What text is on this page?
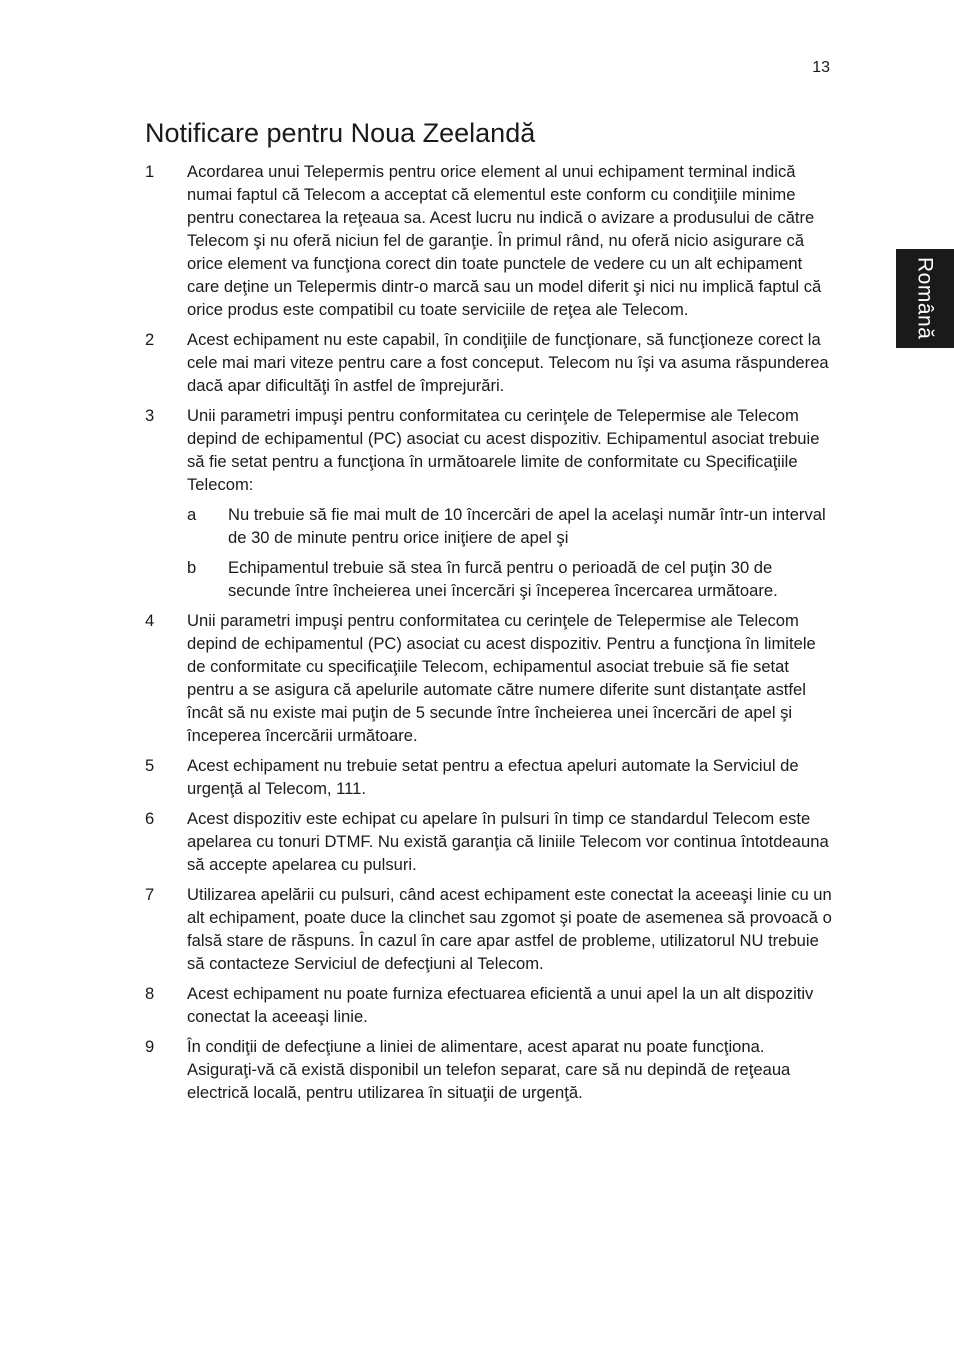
13
Română
Notificare pentru Noua Zeelandă
1	Acordarea unui Telepermis pentru orice element al unui echipament terminal indică numai faptul că Telecom a acceptat că elementul este conform cu condiţiile minime pentru conectarea la reţeaua sa. Acest lucru nu indică o avizare a produsului de către Telecom şi nu oferă niciun fel de garanţie. În primul rând, nu oferă nicio asigurare că orice element va funcţiona corect din toate punctele de vedere cu un alt echipament care deţine un Telepermis dintr-o marcă sau un model diferit şi nici nu implică faptul că orice produs este compatibil cu toate serviciile de reţea ale Telecom.
2	Acest echipament nu este capabil, în condiţiile de funcţionare, să funcţioneze corect la cele mai mari viteze pentru care a fost conceput. Telecom nu îşi va asuma răspunderea dacă apar dificultăţi în astfel de împrejurări.
3	Unii parametri impuşi pentru conformitatea cu cerinţele de Telepermise ale Telecom depind de echipamentul (PC) asociat cu acest dispozitiv. Echipamentul asociat trebuie să fie setat pentru a funcţiona în următoarele limite de conformitate cu Specificaţiile Telecom:
a	Nu trebuie să fie mai mult de 10 încercări de apel la acelaşi număr într-un interval de 30 de minute pentru orice iniţiere de apel şi
b	Echipamentul trebuie să stea în furcă pentru o perioadă de cel puţin 30 de secunde între încheierea unei încercări şi începerea încercarea următoare.
4	Unii parametri impuşi pentru conformitatea cu cerinţele de Telepermise ale Telecom depind de echipamentul (PC) asociat cu acest dispozitiv. Pentru a funcţiona în limitele de conformitate cu specificaţiile Telecom, echipamentul asociat trebuie să fie setat pentru a se asigura că apelurile automate către numere diferite sunt distanţate astfel încât să nu existe mai puţin de 5 secunde între încheierea unei încercări de apel şi începerea încercării următoare.
5	Acest echipament nu trebuie setat pentru a efectua apeluri automate la Serviciul de urgenţă al Telecom, 111.
6	Acest dispozitiv este echipat cu apelare în pulsuri în timp ce standardul Telecom este apelarea cu tonuri DTMF. Nu există garanţia că liniile Telecom vor continua întotdeauna să accepte apelarea cu pulsuri.
7	Utilizarea apelării cu pulsuri, când acest echipament este conectat la aceeaşi linie cu un alt echipament, poate duce la clinchet sau zgomot şi poate de asemenea să provoacă o falsă stare de răspuns. În cazul în care apar astfel de probleme, utilizatorul NU trebuie să contacteze Serviciul de defecţiuni al Telecom.
8	Acest echipament nu poate furniza efectuarea eficientă a unui apel la un alt dispozitiv conectat la aceeaşi linie.
9	În condiţii de defecţiune a liniei de alimentare, acest aparat nu poate funcţiona. Asiguraţi-vă că există disponibil un telefon separat, care să nu depindă de reţeaua electrică locală, pentru utilizarea în situaţii de urgenţă.
